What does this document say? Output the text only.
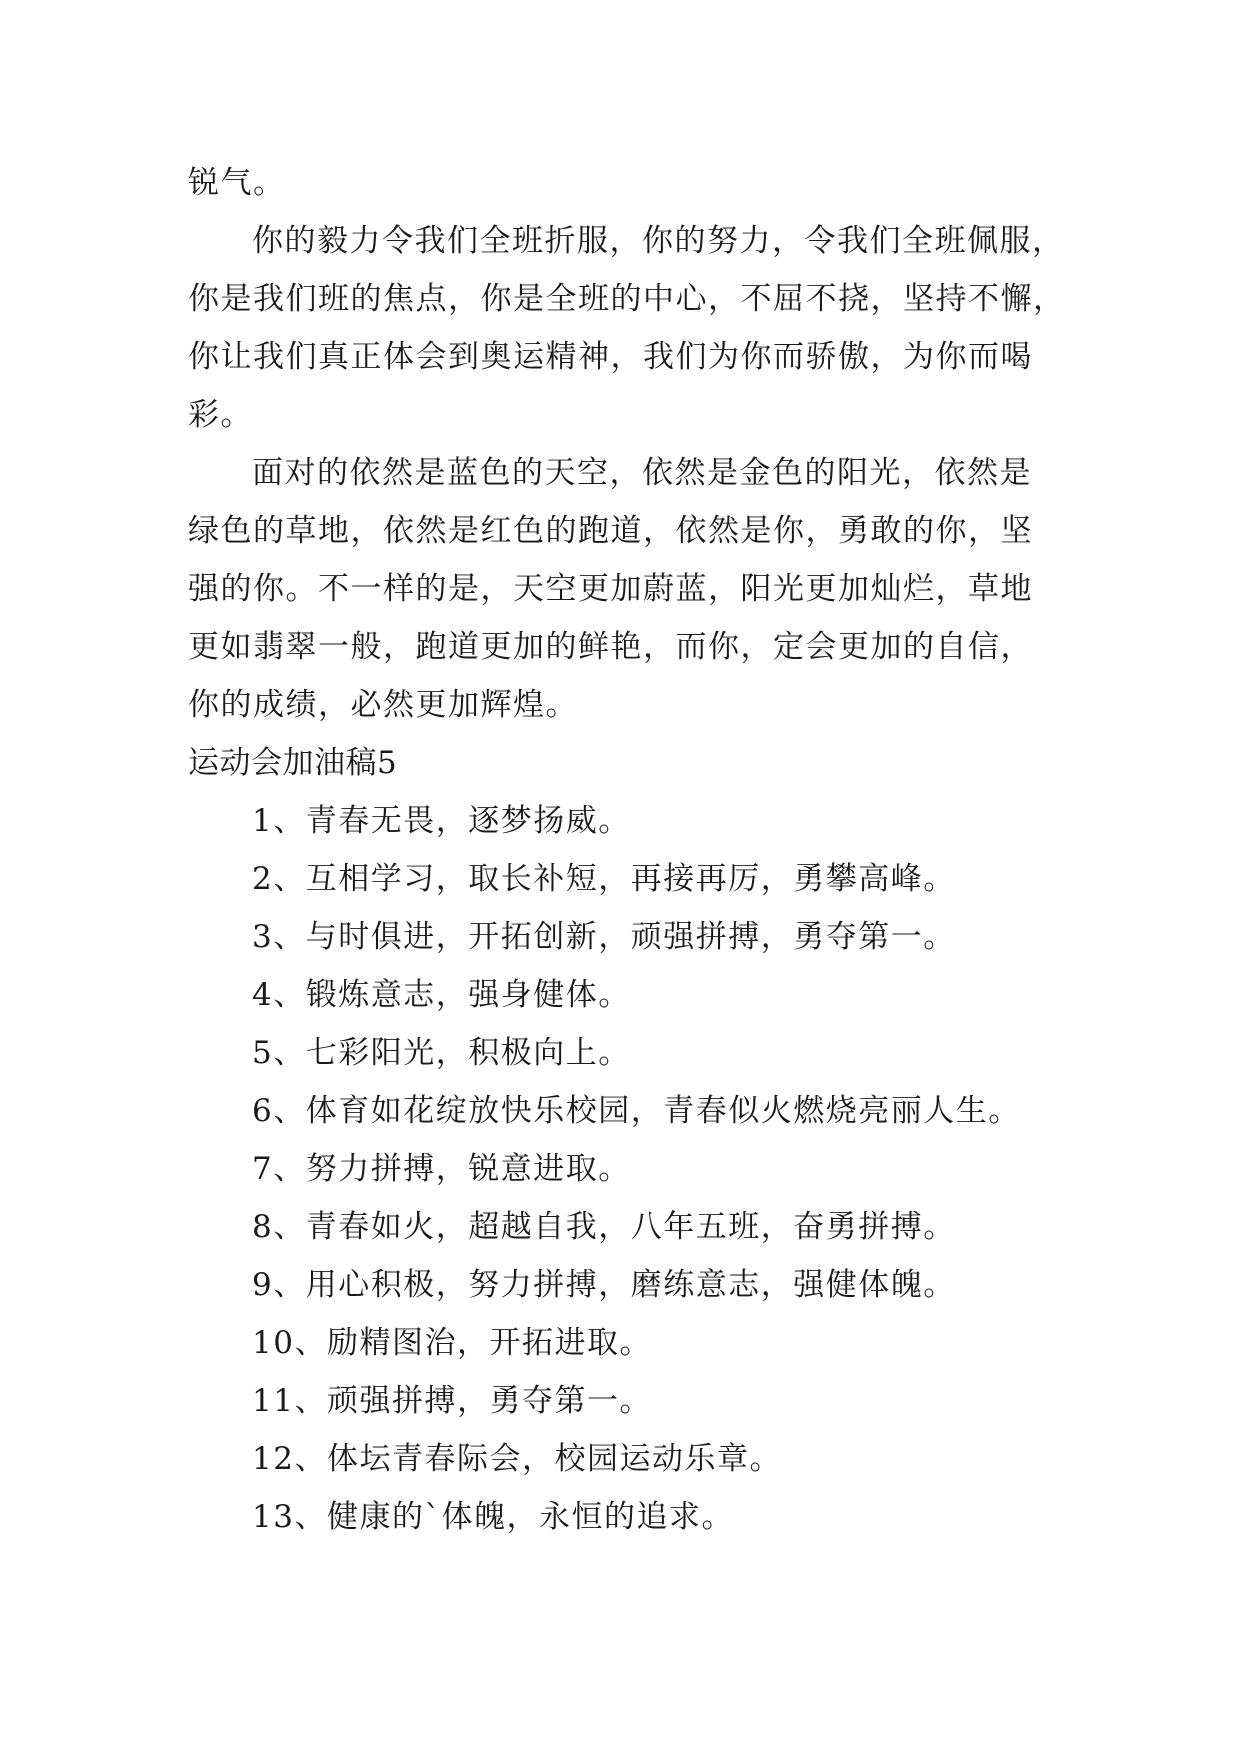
锐气。
你的毅力令我们全班折服，你的努力，令我们全班佩服，
你是我们班的焦点，你是全班的中心，不屈不挠，坚持不懈，
你让我们真正体会到奥运精神，我们为你而骄傲，为你而喝
彩。
面对的依然是蓝色的天空，依然是金色的阳光，依然是
绿色的草地，依然是红色的跑道，依然是你，勇敢的你，坚
强的你。不一样的是，天空更加蔚蓝，阳光更加灿烂，草地
更如翡翠一般，跑道更加的鲜艳，而你，定会更加的自信，
你的成绩，必然更加辉煌。
运动会加油稿5
1、青春无畏，逐梦扬威。
2、互相学习，取长补短，再接再厉，勇攀高峰。
3、与时俱进，开拓创新，顽强拼搏，勇夺第一。
4、锻炼意志，强身健体。
5、七彩阳光，积极向上。
6、体育如花绽放快乐校园，青春似火燃烧亮丽人生。
7、努力拼搏，锐意进取。
8、青春如火，超越自我，八年五班，奋勇拼搏。
9、用心积极，努力拼搏，磨练意志，强健体魄。
10、励精图治，开拓进取。
11、顽强拼搏，勇夺第一。
12、体坛青春际会，校园运动乐章。
13、健康的`体魄，永恒的追求。
